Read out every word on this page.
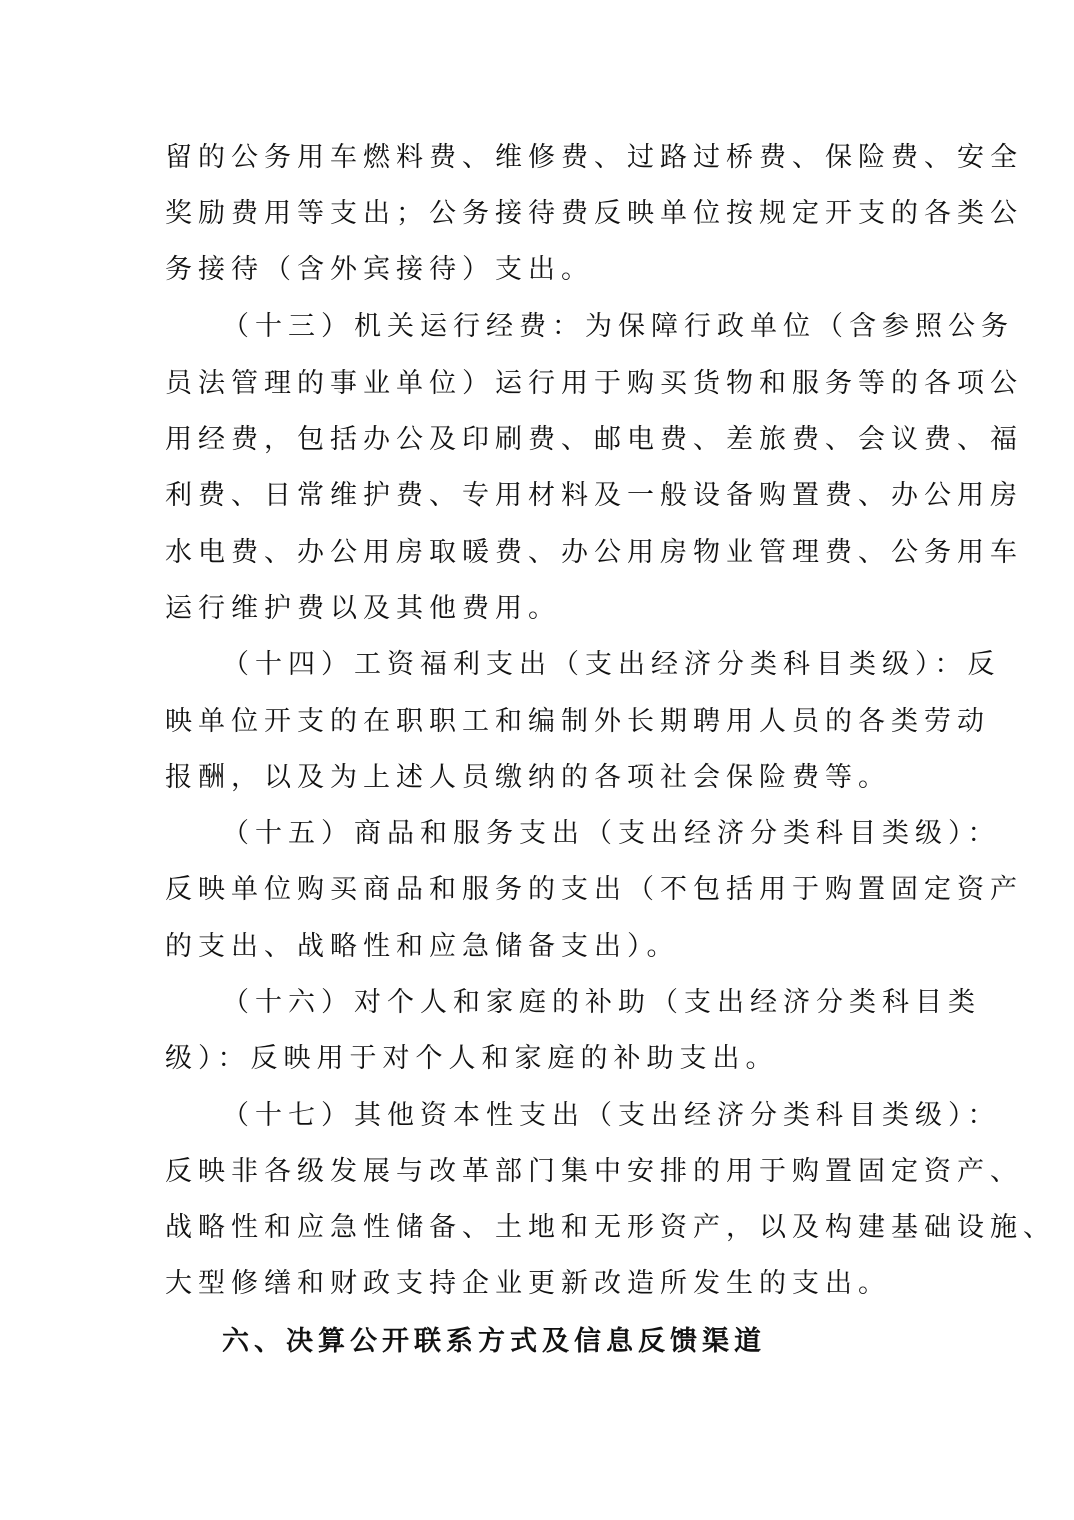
留的公务用车燃料费、维修费、过路过桥费、保险费、安全
奖励费用等支出；公务接待费反映单位按规定开支的各类公
务接待（含外宾接待）支出。
（十三）机关运行经费：为保障行政单位（含参照公务
员法管理的事业单位）运行用于购买货物和服务等的各项公
用经费，包括办公及印刷费、邮电费、差旅费、会议费、福
利费、日常维护费、专用材料及一般设备购置费、办公用房
水电费、办公用房取暖费、办公用房物业管理费、公务用车
运行维护费以及其他费用。
（十四）工资福利支出（支出经济分类科目类级）：反
映单位开支的在职职工和编制外长期聘用人员的各类劳动
报酬，以及为上述人员缴纳的各项社会保险费等。
（十五）商品和服务支出（支出经济分类科目类级）：
反映单位购买商品和服务的支出（不包括用于购置固定资产
的支出、战略性和应急储备支出）。
（十六）对个人和家庭的补助（支出经济分类科目类
级）：反映用于对个人和家庭的补助支出。
（十七）其他资本性支出（支出经济分类科目类级）：
反映非各级发展与改革部门集中安排的用于购置固定资产、
战略性和应急性储备、土地和无形资产，以及构建基础设施、
大型修缮和财政支持企业更新改造所发生的支出。
六、决算公开联系方式及信息反馈渠道
